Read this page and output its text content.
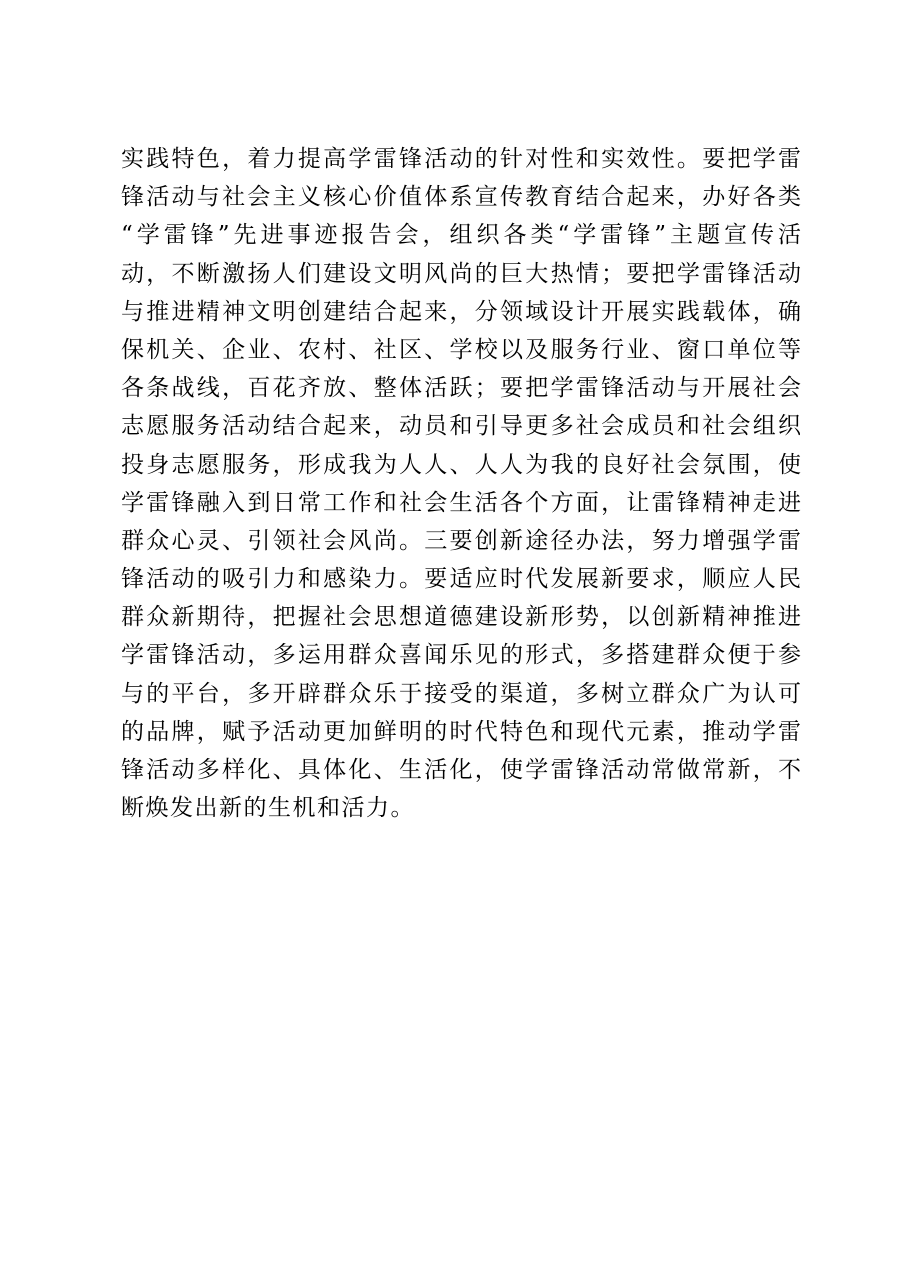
实践特色，着力提高学雷锋活动的针对性和实效性。要把学雷
锋活动与社会主义核心价值体系宣传教育结合起来，办好各类
“学雷锋”先进事迹报告会，组织各类“学雷锋”主题宣传活
动，不断激扬人们建设文明风尚的巨大热情；要把学雷锋活动
与推进精神文明创建结合起来，分领域设计开展实践载体，确
保机关、企业、农村、社区、学校以及服务行业、窗口单位等
各条战线，百花齐放、整体活跃；要把学雷锋活动与开展社会
志愿服务活动结合起来，动员和引导更多社会成员和社会组织
投身志愿服务，形成我为人人、人人为我的良好社会氛围，使
学雷锋融入到日常工作和社会生活各个方面，让雷锋精神走进
群众心灵、引领社会风尚。三要创新途径办法，努力增强学雷
锋活动的吸引力和感染力。要适应时代发展新要求，顺应人民
群众新期待，把握社会思想道德建设新形势，以创新精神推进
学雷锋活动，多运用群众喜闻乐见的形式，多搭建群众便于参
与的平台，多开辟群众乐于接受的渠道，多树立群众广为认可
的品牌，赋予活动更加鲜明的时代特色和现代元素，推动学雷
锋活动多样化、具体化、生活化，使学雷锋活动常做常新，不
断焕发出新的生机和活力。
